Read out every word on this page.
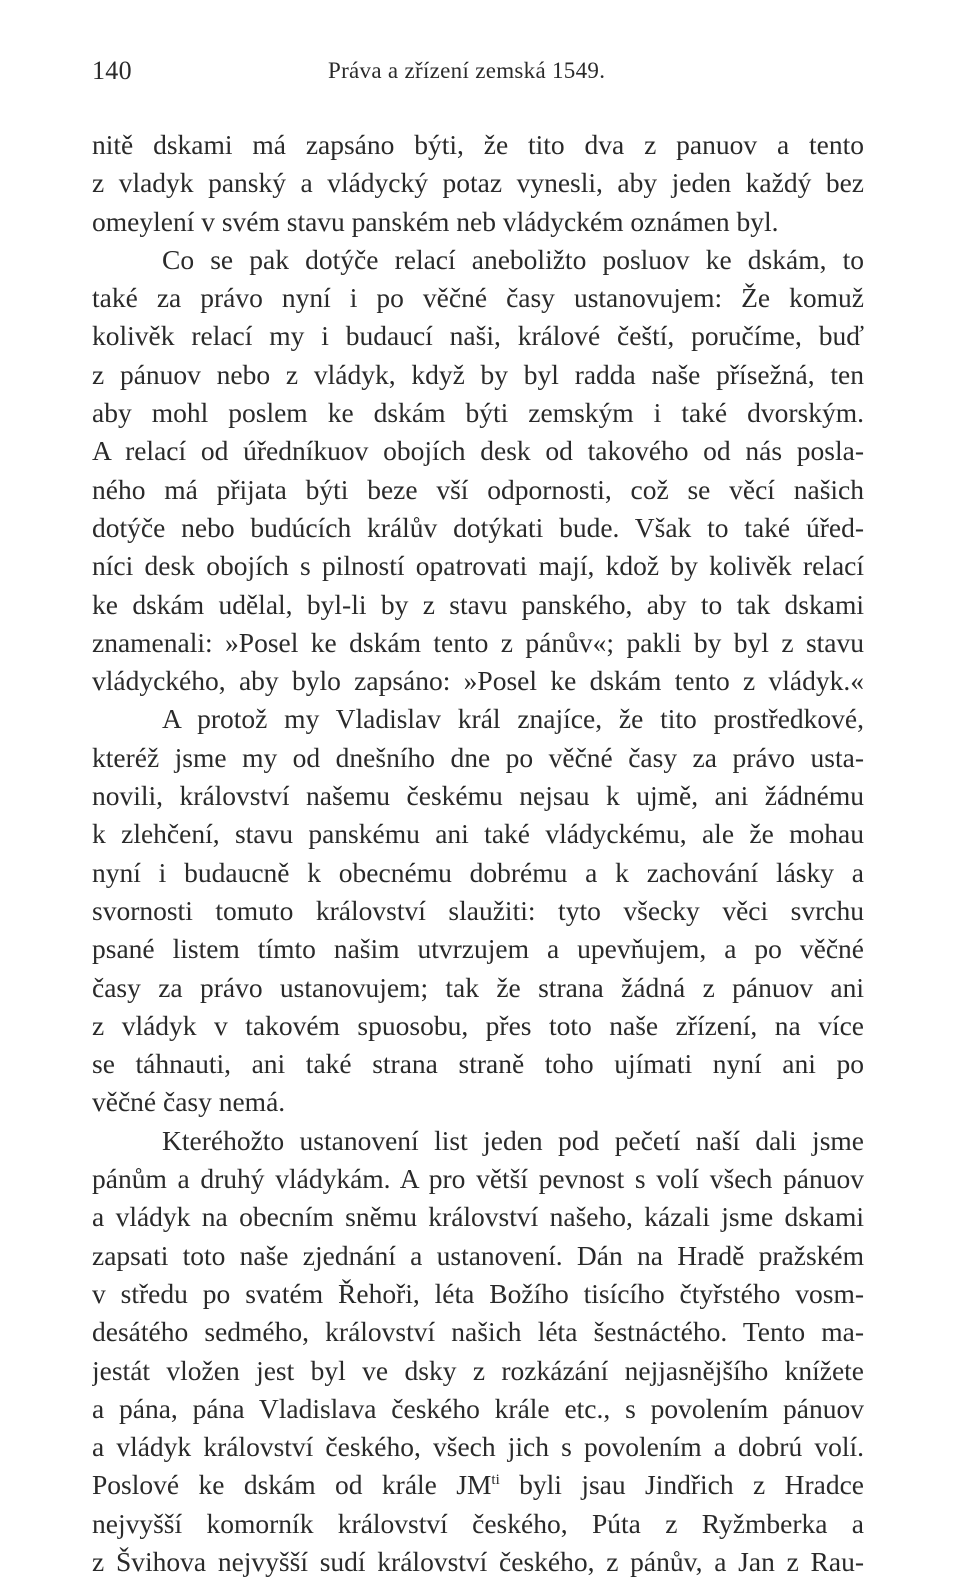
140	Práva a zřízení zemská 1549.
nitě dskami má zapsáno býti, že tito dva z panuov a tento
z vladyk panský a vládycký potaz vynesli, aby jeden každý bez
omeylení v svém stavu panském neb vládyckém oznámen byl.
Co se pak dotýče relací aneboližto posluov ke dskám, to
také za právo nyní i po věčné časy ustanovujem: Že komuž
kolivěk relací my i budaucí naši, králové čeští, poručíme, buď
z pánuov nebo z vládyk, když by byl radda naše přísežná, ten
aby mohl poslem ke dskám býti zemským i také dvorským.
A relací od úředníkuov obojích desk od takového od nás posla-
ného má přijata býti beze vší odpornosti, což se věcí našich
dotýče nebo budúcích králův dotýkati bude. Však to také úřed-
níci desk obojích s pilností opatrovati mají, kdož by kolivěk relací
ke dskám udělal, byl-li by z stavu panského, aby to tak dskami
znamenali: »Posel ke dskám tento z pánův«; pakli by byl z stavu
vládyckého, aby bylo zapsáno: »Posel ke dskám tento z vládyk.«
A protož my Vladislav král znajíce, že tito prostředkové,
kteréž jsme my od dnešního dne po věčné časy za právo usta-
novili, království našemu českému nejsau k ujmě, ani žádnému
k zlehčení, stavu panskému ani také vládyckému, ale že mohau
nyní i budaucně k obecnému dobrému a k zachování lásky a
svornosti tomuto království slaužiti: tyto všecky věci svrchu
psané listem tímto našim utvrzujem a upevňujem, a po věčné
časy za právo ustanovujem; tak že strana žádná z pánuov ani
z vládyk v takovém spuosobu, přes toto naše zřízení, na více
se táhnauti, ani také strana straně toho ujímati nyní ani po
věčné časy nemá.
Kteréhožto ustanovení list jeden pod pečetí naší dali jsme
pánům a druhý vládykám. A pro větší pevnost s volí všech pánuov
a vládyk na obecním sněmu království našeho, kázali jsme dskami
zapsati toto naše zjednání a ustanovení. Dán na Hradě pražském
v středu po svatém Řehoři, léta Božího tisícího čtyřstého vosm-
desátého sedmého, království našich léta šestnáctého. Tento ma-
jestát vložen jest byl ve dsky z rozkázání nejjasnějšího knížete
a pána, pána Vladislava českého krále etc., s povolením pánuov
a vládyk království českého, všech jich s povolením a dobrú volí.
Poslové ke dskám od krále $JM^{ti}$ byli jsau Jindřich z Hradce
nejvyšší komorník království českého, Púta z Ryžmberka a
z Švihova nejvyšší sudí království českého, z pánův, a Jan z Rau-
